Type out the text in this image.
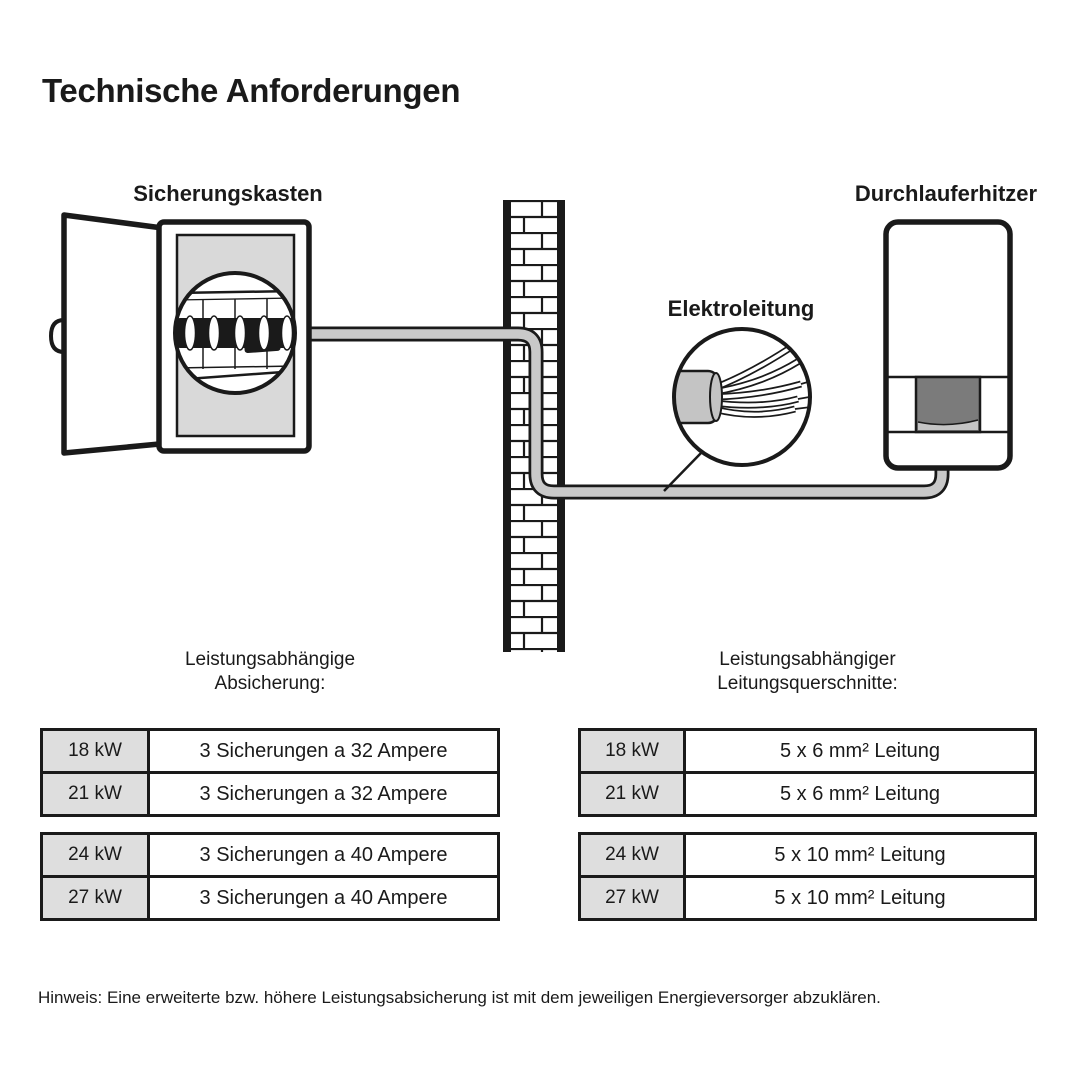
Technische Anforderungen
Sicherungskasten	Durchlauferhitzer
Elektroleitung
Leistungsabhängige
Absicherung:
18 kW	3 Sicherungen a 32 Ampere
21 kW	3 Sicherungen a 32 Ampere
24 kW	3 Sicherungen a 40 Ampere
27 kW	3 Sicherungen a 40 Ampere
Leistungsabhängiger
Leitungsquerschnitte:
18 kW	5 x 6 mm² Leitung
21 kW	5 x 6 mm² Leitung
24 kW	5 x 10 mm² Leitung
27 kW	5 x 10 mm² Leitung
Hinweis: Eine erweiterte bzw. höhere Leistungsabsicherung ist mit dem jeweiligen Energieversorger abzuklären.
